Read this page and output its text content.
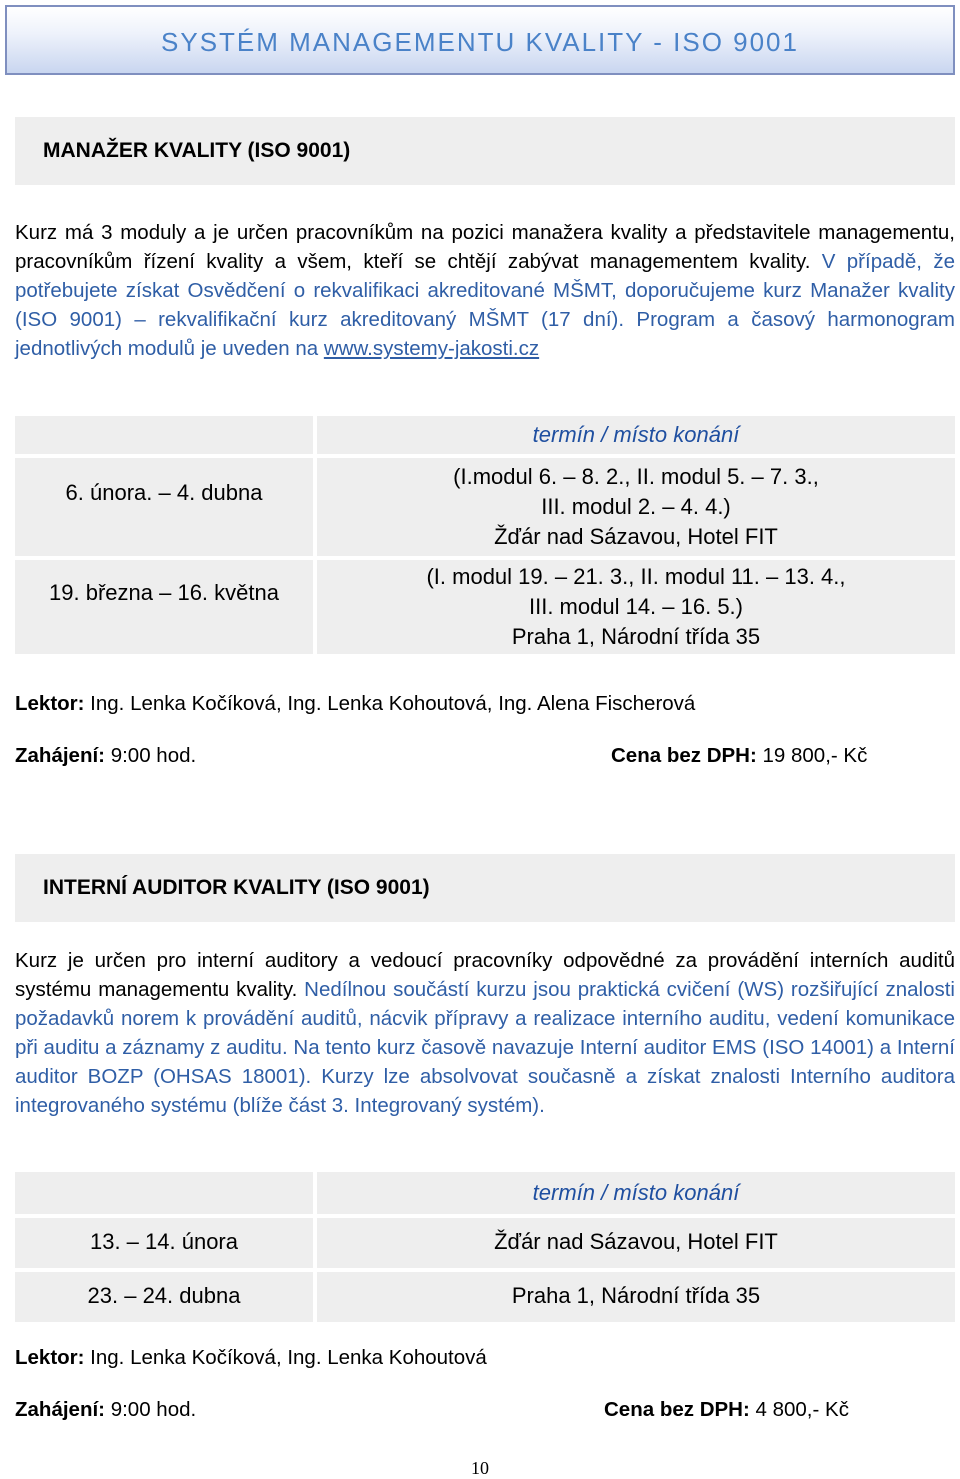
SYSTÉM MANAGEMENTU KVALITY - ISO 9001
MANAŽER KVALITY (ISO 9001)

Kurz má 3 moduly a je určen pracovníkům na pozici manažera kvality a představitele managementu, pracovníkům řízení kvality a všem, kteří se chtějí zabývat managementem kvality. V případě, že potřebujete získat Osvědčení o rekvalifikaci akreditované MŠMT, doporučujeme kurz Manažer kvality (ISO 9001) – rekvalifikační kurz akreditovaný MŠMT (17 dní). Program a časový harmonogram jednotlivých modulů je uveden na www.systemy-jakosti.cz

termín / místo konání
6. února. – 4. dubna
(I.modul 6. – 8. 2., II. modul 5. – 7. 3.,
III. modul 2. – 4. 4.)
Žďár nad Sázavou, Hotel FIT
19. března – 16. května
(I. modul 19. – 21. 3., II. modul 11. – 13. 4.,
III. modul 14. – 16. 5.)
Praha 1, Národní třída 35
Lektor: Ing. Lenka Kočíková, Ing. Lenka Kohoutová, Ing. Alena Fischerová
Zahájení: 9:00 hod.	Cena bez DPH: 19 800,- Kč
INTERNÍ AUDITOR KVALITY (ISO 9001)

Kurz je určen pro interní auditory a vedoucí pracovníky odpovědné za provádění interních auditů systému managementu kvality. Nedílnou součástí kurzu jsou praktická cvičení (WS) rozšiřující znalosti požadavků norem k provádění auditů, nácvik přípravy a realizace interního auditu, vedení komunikace při auditu a záznamy z auditu. Na tento kurz časově navazuje Interní auditor EMS (ISO 14001) a Interní auditor BOZP (OHSAS 18001). Kurzy lze absolvovat současně a získat znalosti Interního auditora integrovaného systému (blíže část 3. Integrovaný systém).

termín / místo konání
13. – 14. února	Žďár nad Sázavou, Hotel FIT
23. – 24. dubna	Praha 1, Národní třída 35
Lektor: Ing. Lenka Kočíková, Ing. Lenka Kohoutová
Zahájení: 9:00 hod.	Cena bez DPH: 4 800,- Kč
10
